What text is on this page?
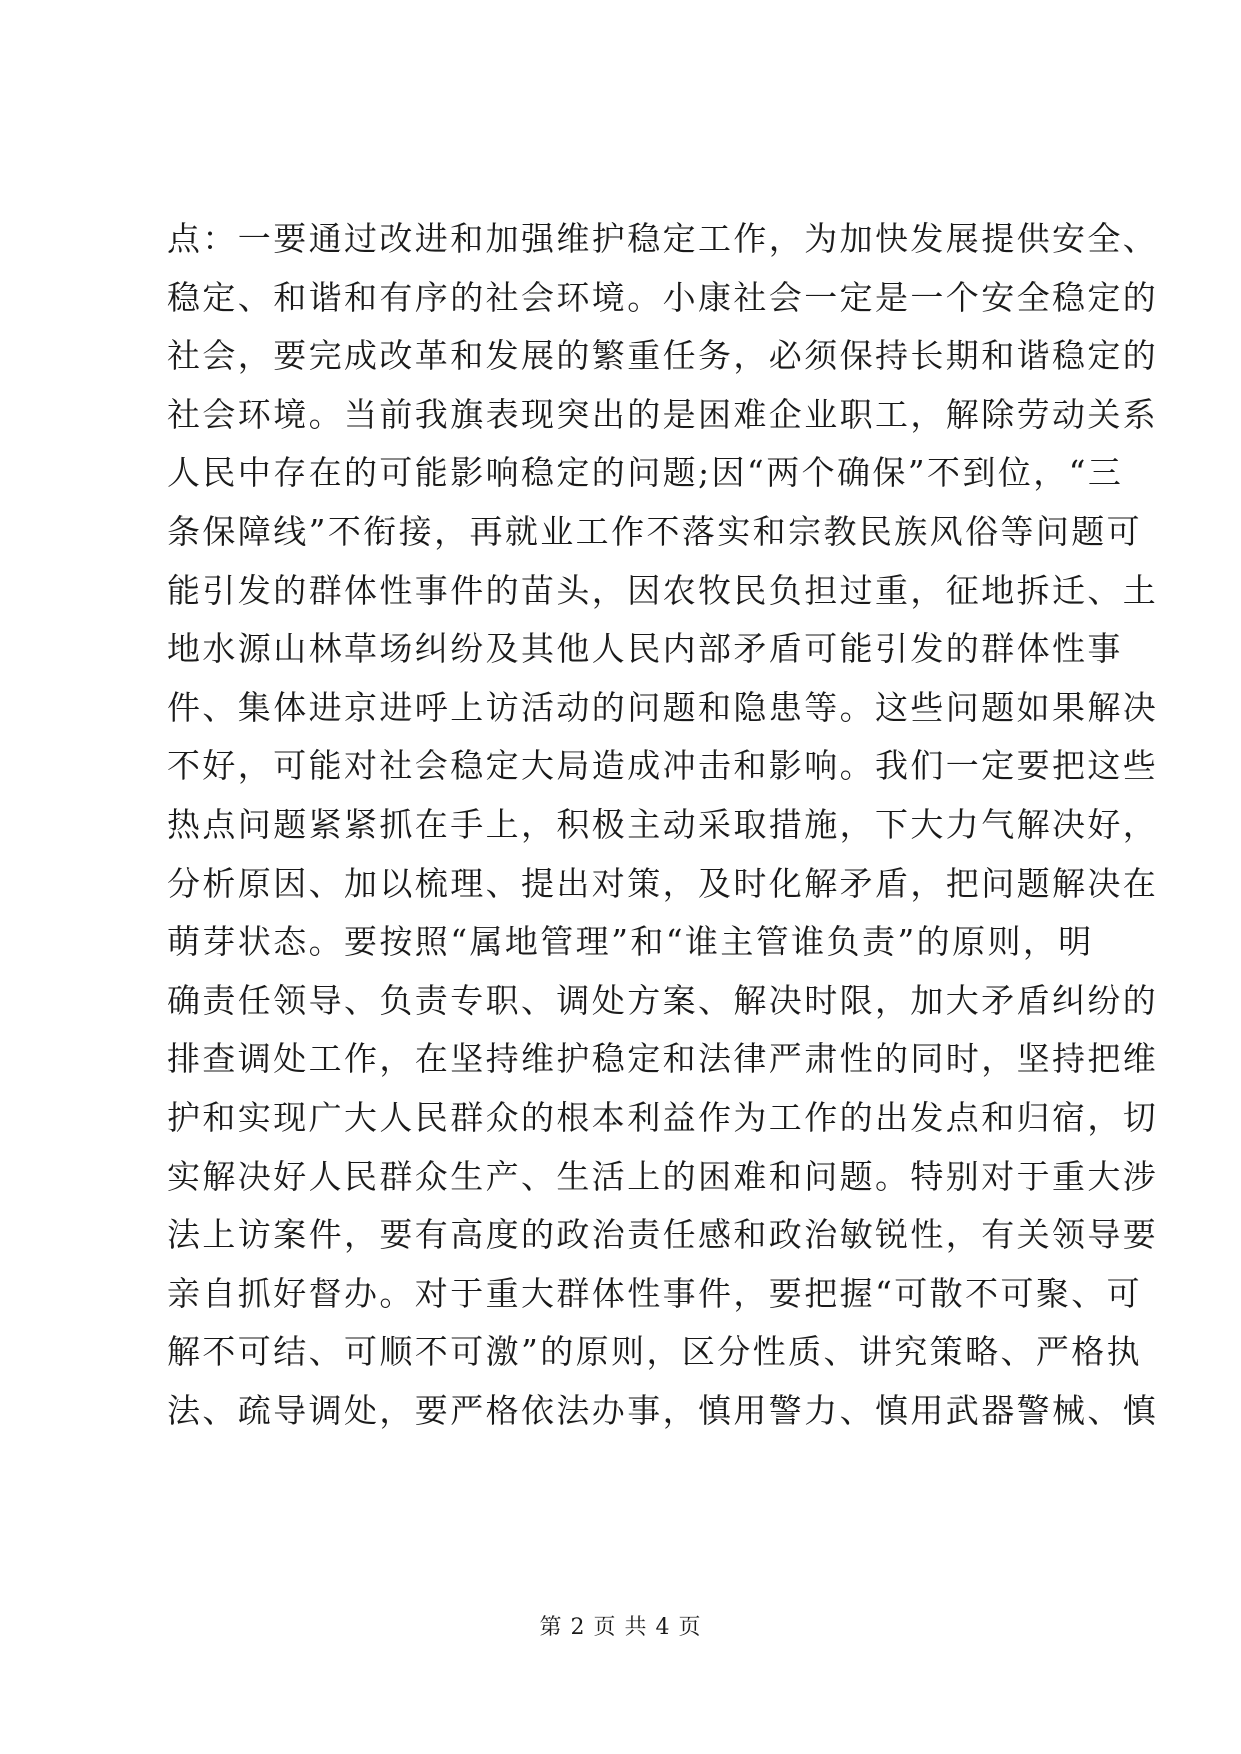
点：一要通过改进和加强维护稳定工作，为加快发展提供安全、
稳定、和谐和有序的社会环境。小康社会一定是一个安全稳定的
社会，要完成改革和发展的繁重任务，必须保持长期和谐稳定的
社会环境。当前我旗表现突出的是困难企业职工，解除劳动关系
人民中存在的可能影响稳定的问题;因“两个确保”不到位，“三
条保障线”不衔接，再就业工作不落实和宗教民族风俗等问题可
能引发的群体性事件的苗头，因农牧民负担过重，征地拆迁、土
地水源山林草场纠纷及其他人民内部矛盾可能引发的群体性事
件、集体进京进呼上访活动的问题和隐患等。这些问题如果解决
不好，可能对社会稳定大局造成冲击和影响。我们一定要把这些
热点问题紧紧抓在手上，积极主动采取措施，下大力气解决好，
分析原因、加以梳理、提出对策，及时化解矛盾，把问题解决在
萌芽状态。要按照“属地管理”和“谁主管谁负责”的原则，明
确责任领导、负责专职、调处方案、解决时限，加大矛盾纠纷的
排查调处工作，在坚持维护稳定和法律严肃性的同时，坚持把维
护和实现广大人民群众的根本利益作为工作的出发点和归宿，切
实解决好人民群众生产、生活上的困难和问题。特别对于重大涉
法上访案件，要有高度的政治责任感和政治敏锐性，有关领导要
亲自抓好督办。对于重大群体性事件，要把握“可散不可聚、可
解不可结、可顺不可激”的原则，区分性质、讲究策略、严格执
法、疏导调处，要严格依法办事，慎用警力、慎用武器警械、慎
第 2 页 共 4 页
